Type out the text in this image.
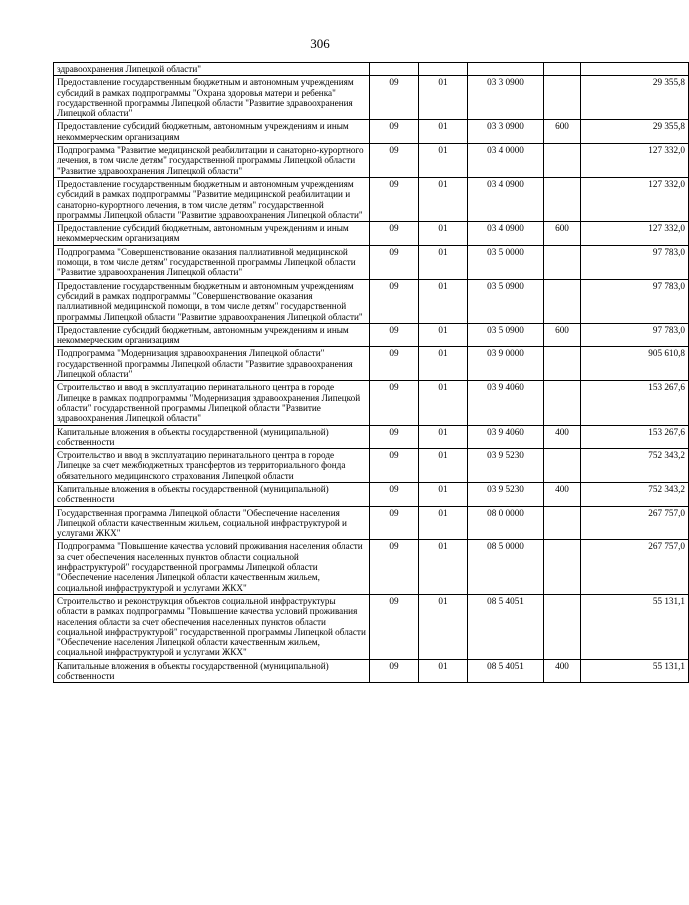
306
здравоохранения Липецкой области"					
Предоставление государственным бюджетным и автономным учреждениям субсидий в рамках подпрограммы "Охрана здоровья матери и ребенка" государственной программы Липецкой области "Развитие здравоохранения Липецкой области"	09	01	03 3 0900		29 355,8
Предоставление субсидий бюджетным, автономным учреждениям и иным некоммерческим организациям	09	01	03 3 0900	600	29 355,8
Подпрограмма "Развитие медицинской реабилитации и санаторно-курортного лечения, в том числе детям" государственной программы Липецкой области "Развитие здравоохранения Липецкой области"	09	01	03 4 0000		127 332,0
Предоставление государственным бюджетным и автономным учреждениям субсидий в рамках подпрограммы "Развитие медицинской реабилитации и санаторно-курортного лечения, в том числе детям" государственной программы Липецкой области "Развитие здравоохранения Липецкой области"	09	01	03 4 0900		127 332,0
Предоставление субсидий бюджетным, автономным учреждениям и иным некоммерческим организациям	09	01	03 4 0900	600	127 332,0
Подпрограмма "Совершенствование оказания паллиативной медицинской помощи, в том числе детям" государственной программы Липецкой области "Развитие здравоохранения Липецкой области"	09	01	03 5 0000		97 783,0
Предоставление государственным бюджетным и автономным учреждениям субсидий в рамках подпрограммы "Совершенствование оказания паллиативной медицинской помощи, в том числе детям" государственной программы Липецкой области "Развитие здравоохранения Липецкой области"	09	01	03 5 0900		97 783,0
Предоставление субсидий бюджетным, автономным учреждениям и иным некоммерческим организациям	09	01	03 5 0900	600	97 783,0
Подпрограмма "Модернизация здравоохранения Липецкой области" государственной программы Липецкой области "Развитие здравоохранения Липецкой области"	09	01	03 9 0000		905 610,8
Строительство и ввод в эксплуатацию перинатального центра в городе Липецке в рамках подпрограммы "Модернизация здравоохранения Липецкой области" государственной программы Липецкой области "Развитие здравоохранения Липецкой области"	09	01	03 9 4060		153 267,6
Капитальные вложения в объекты государственной (муниципальной) собственности	09	01	03 9 4060	400	153 267,6
Строительство и ввод в эксплуатацию перинатального центра в городе Липецке за счет межбюджетных трансфертов из территориального фонда обязательного медицинского страхования Липецкой области	09	01	03 9 5230		752 343,2
Капитальные вложения в объекты государственной (муниципальной) собственности	09	01	03 9 5230	400	752 343,2
Государственная программа Липецкой области "Обеспечение населения Липецкой области качественным жильем, социальной инфраструктурой и услугами ЖКХ"	09	01	08 0 0000		267 757,0
Подпрограмма "Повышение качества условий проживания населения области за счет обеспечения населенных пунктов области социальной инфраструктурой" государственной программы Липецкой области "Обеспечение населения Липецкой области качественным жильем, социальной инфраструктурой и услугами ЖКХ"	09	01	08 5 0000		267 757,0
Строительство и реконструкция объектов социальной инфраструктуры области в рамках подпрограммы "Повышение качества условий проживания населения области за счет обеспечения населенных пунктов области социальной инфраструктурой" государственной программы Липецкой области "Обеспечение населения Липецкой области качественным жильем, социальной инфраструктурой и услугами ЖКХ"	09	01	08 5 4051		55 131,1
Капитальные вложения в объекты государственной (муниципальной) собственности	09	01	08 5 4051	400	55 131,1
